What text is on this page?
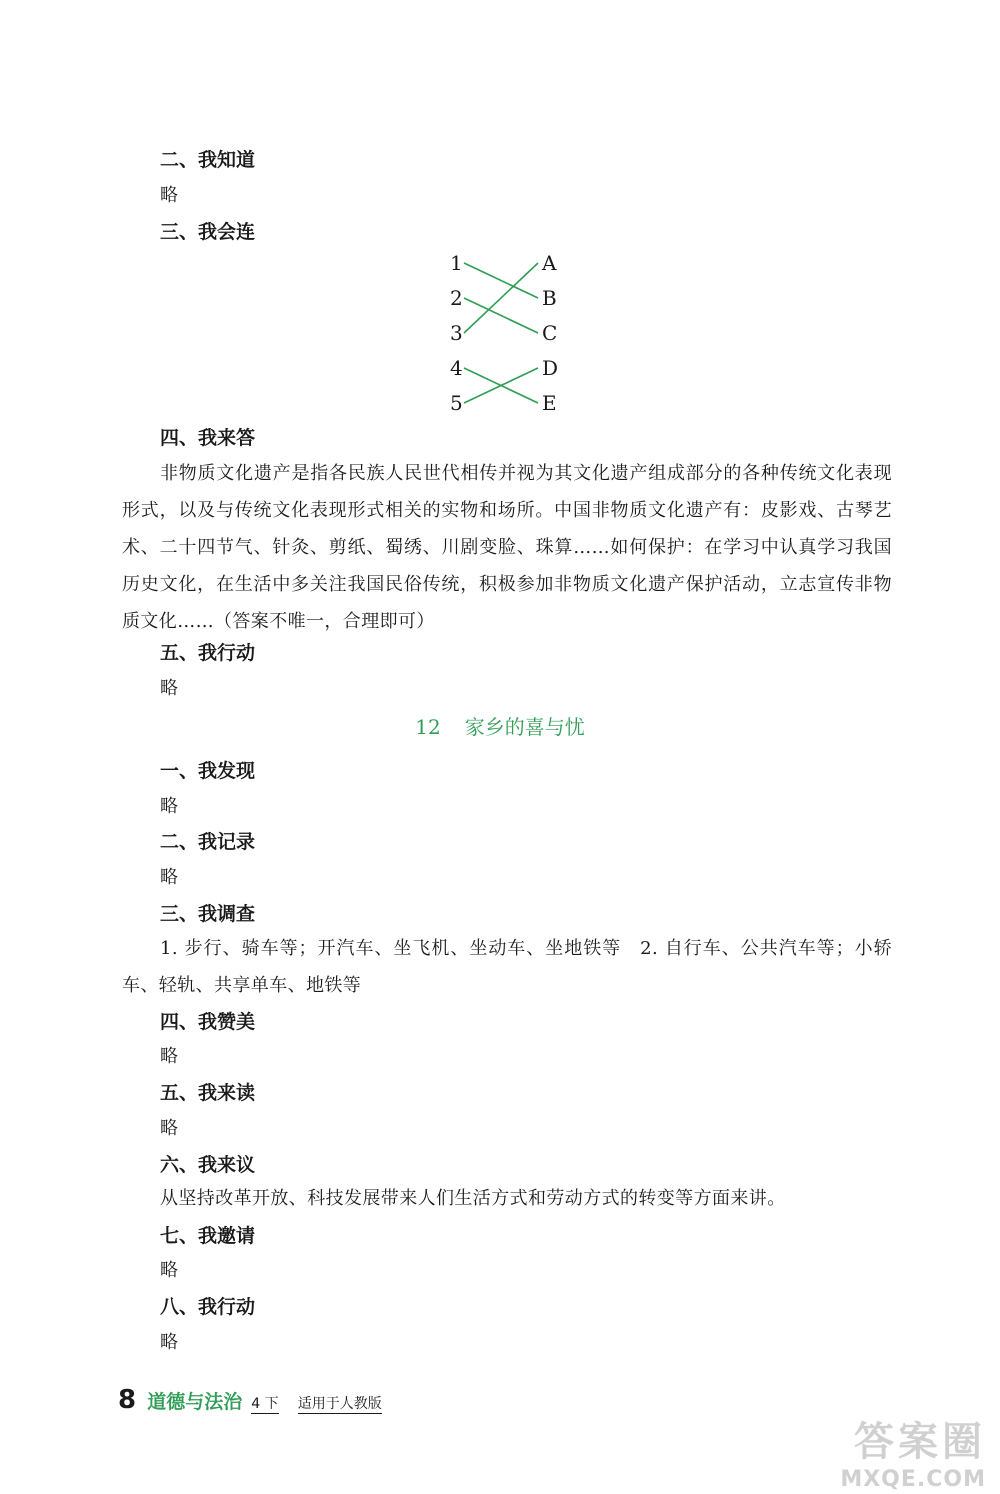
二、我知道

略

三、我会连

1
2
3
4
5
A
B
C
D
E

四、我来答

非物质文化遗产是指各民族人民世代相传并视为其文化遗产组成部分的各种传统文化表现形式，以及与传统文化表现形式相关的实物和场所。中国非物质文化遗产有：皮影戏、古琴艺术、二十四节气、针灸、剪纸、蜀绣、川剧变脸、珠算……如何保护：在学习中认真学习我国历史文化，在生活中多关注我国民俗传统，积极参加非物质文化遗产保护活动，立志宣传非物质文化……（答案不唯一，合理即可）

五、我行动

略

12 家乡的喜与忧

一、我发现

略

二、我记录

略

三、我调查

1. 步行、骑车等；开汽车、坐飞机、坐动车、坐地铁等　2. 自行车、公共汽车等；小轿车、轻轨、共享单车、地铁等

四、我赞美

略

五、我来读

略

六、我来议

从坚持改革开放、科技发展带来人们生活方式和劳动方式的转变等方面来讲。

七、我邀请

略

八、我行动

略

8 道德与法治 4 下 适用于人教版
答案圈
MXQE.COM
